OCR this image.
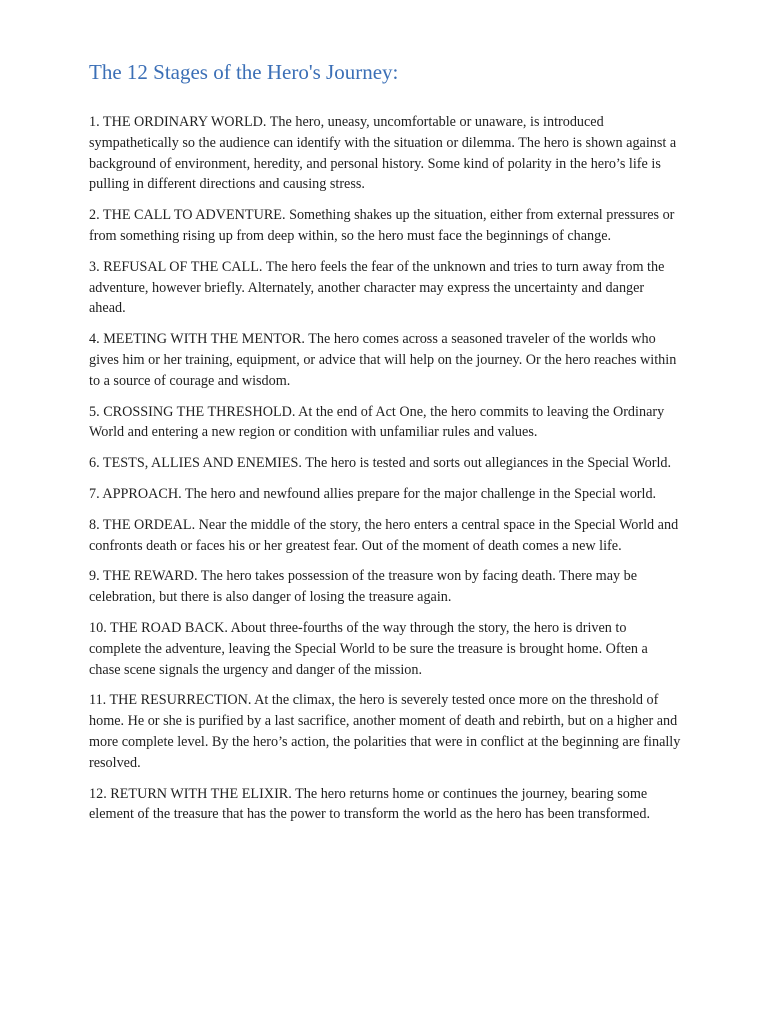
The 12 Stages of the Hero's Journey:

1. THE ORDINARY WORLD. The hero, uneasy, uncomfortable or unaware, is introduced sympathetically so the audience can identify with the situation or dilemma. The hero is shown against a background of environment, heredity, and personal history. Some kind of polarity in the hero’s life is pulling in different directions and causing stress.

2. THE CALL TO ADVENTURE. Something shakes up the situation, either from external pressures or from something rising up from deep within, so the hero must face the beginnings of change.

3. REFUSAL OF THE CALL. The hero feels the fear of the unknown and tries to turn away from the adventure, however briefly. Alternately, another character may express the uncertainty and danger ahead.

4. MEETING WITH THE MENTOR. The hero comes across a seasoned traveler of the worlds who gives him or her training, equipment, or advice that will help on the journey. Or the hero reaches within to a source of courage and wisdom.

5. CROSSING THE THRESHOLD. At the end of Act One, the hero commits to leaving the Ordinary World and entering a new region or condition with unfamiliar rules and values.

6. TESTS, ALLIES AND ENEMIES. The hero is tested and sorts out allegiances in the Special World.

7. APPROACH. The hero and newfound allies prepare for the major challenge in the Special world.

8. THE ORDEAL. Near the middle of the story, the hero enters a central space in the Special World and confronts death or faces his or her greatest fear. Out of the moment of death comes a new life.

9. THE REWARD. The hero takes possession of the treasure won by facing death. There may be celebration, but there is also danger of losing the treasure again.

10. THE ROAD BACK. About three-fourths of the way through the story, the hero is driven to complete the adventure, leaving the Special World to be sure the treasure is brought home. Often a chase scene signals the urgency and danger of the mission.

11. THE RESURRECTION. At the climax, the hero is severely tested once more on the threshold of home. He or she is purified by a last sacrifice, another moment of death and rebirth, but on a higher and more complete level. By the hero’s action, the polarities that were in conflict at the beginning are finally resolved.

12. RETURN WITH THE ELIXIR. The hero returns home or continues the journey, bearing some element of the treasure that has the power to transform the world as the hero has been transformed.
